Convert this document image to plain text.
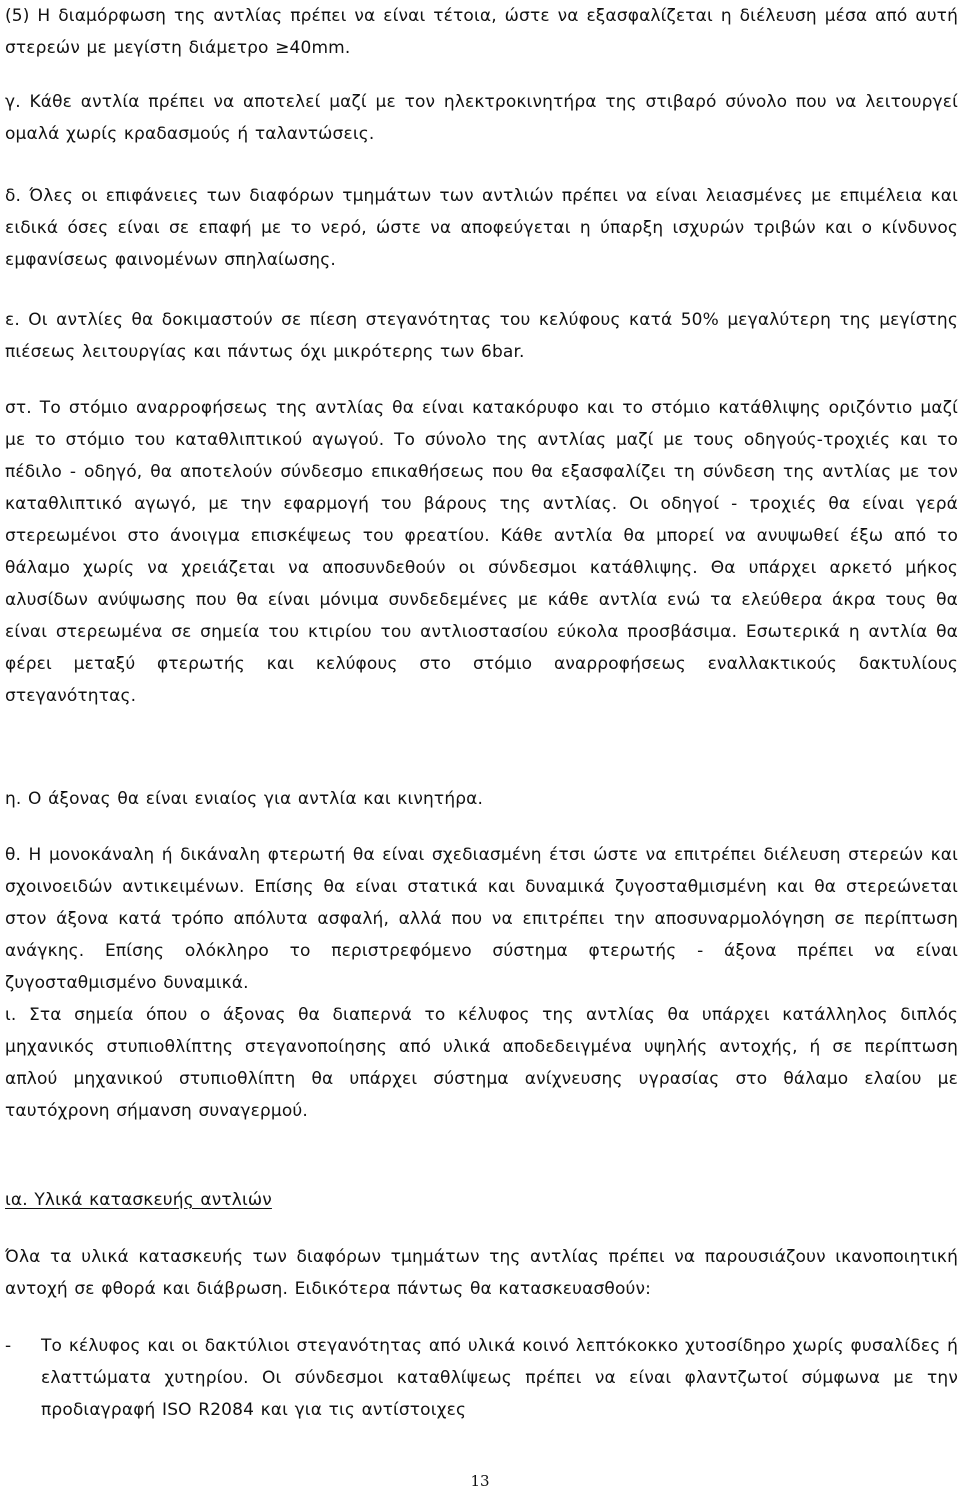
(5) Η διαμόρφωση της αντλίας πρέπει να είναι τέτοια, ώστε να εξασφαλίζεται η διέλευση μέσα από αυτή στερεών με μεγίστη διάμετρο ≥40mm.

γ. Κάθε αντλία πρέπει να αποτελεί μαζί με τον ηλεκτροκινητήρα της στιβαρό σύνολο που να λειτουργεί ομαλά χωρίς κραδασμούς ή ταλαντώσεις.

δ. Όλες οι επιφάνειες των διαφόρων τμημάτων των αντλιών πρέπει να είναι λειασμένες με επιμέλεια και ειδικά όσες είναι σε επαφή με το νερό, ώστε να αποφεύγεται η ύπαρξη ισχυρών τριβών και ο κίνδυνος εμφανίσεως φαινομένων σπηλαίωσης.

ε. Οι αντλίες θα δοκιμαστούν σε πίεση στεγανότητας του κελύφους κατά 50% μεγαλύτερη της μεγίστης πιέσεως λειτουργίας και πάντως όχι μικρότερης των 6bar.

στ. Το στόμιο αναρροφήσεως της αντλίας θα είναι κατακόρυφο και το στόμιο κατάθλιψης οριζόντιο μαζί με το στόμιο του καταθλιπτικού αγωγού. Το σύνολο της αντλίας μαζί με τους οδηγούς-τροχιές και το πέδιλο - οδηγό, θα αποτελούν σύνδεσμο επικαθήσεως που θα εξασφαλίζει τη σύνδεση της αντλίας με τον καταθλιπτικό αγωγό, με την εφαρμογή του βάρους της αντλίας. Οι οδηγοί - τροχιές θα είναι γερά στερεωμένοι στο άνοιγμα επισκέψεως του φρεατίου. Κάθε αντλία θα μπορεί να ανυψωθεί έξω από το θάλαμο χωρίς να χρειάζεται να αποσυνδεθούν οι σύνδεσμοι κατάθλιψης. Θα υπάρχει αρκετό μήκος αλυσίδων ανύψωσης που θα είναι μόνιμα συνδεδεμένες με κάθε αντλία ενώ τα ελεύθερα άκρα τους θα είναι στερεωμένα σε σημεία του κτιρίου του αντλιοστασίου εύκολα προσβάσιμα. Εσωτερικά η αντλία θα φέρει μεταξύ φτερωτής και κελύφους στο στόμιο αναρροφήσεως εναλλακτικούς δακτυλίους στεγανότητας.

η. Ο άξονας θα είναι ενιαίος για αντλία και κινητήρα.

θ. Η μονοκάναλη ή δικάναλη φτερωτή θα είναι σχεδιασμένη έτσι ώστε να επιτρέπει διέλευση στερεών και σχοινοειδών αντικειμένων. Επίσης θα είναι στατικά και δυναμικά ζυγοσταθμισμένη και θα στερεώνεται στον άξονα κατά τρόπο απόλυτα ασφαλή, αλλά που να επιτρέπει την αποσυναρμολόγηση σε περίπτωση ανάγκης. Επίσης ολόκληρο το περιστρεφόμενο σύστημα φτερωτής - άξονα πρέπει να είναι ζυγοσταθμισμένο δυναμικά.

ι. Στα σημεία όπου ο άξονας θα διαπερνά το κέλυφος της αντλίας θα υπάρχει κατάλληλος διπλός μηχανικός στυπιοθλίπτης στεγανοποίησης από υλικά αποδεδειγμένα υψηλής αντοχής, ή σε περίπτωση απλού μηχανικού στυπιοθλίπτη θα υπάρχει σύστημα ανίχνευσης υγρασίας στο θάλαμο ελαίου με ταυτόχρονη σήμανση συναγερμού.

ια. Υλικά κατασκευής αντλιών

Όλα τα υλικά κατασκευής των διαφόρων τμημάτων της αντλίας πρέπει να παρουσιάζουν ικανοποιητική αντοχή σε φθορά και διάβρωση. Ειδικότερα πάντως θα κατασκευασθούν:

- Το κέλυφος και οι δακτύλιοι στεγανότητας από υλικά κοινό λεπτόκοκκο χυτοσίδηρο χωρίς φυσαλίδες ή ελαττώματα χυτηρίου. Οι σύνδεσμοι καταθλίψεως πρέπει να είναι φλαντζωτοί σύμφωνα με την προδιαγραφή ISO R2084 και για τις αντίστοιχες

13
